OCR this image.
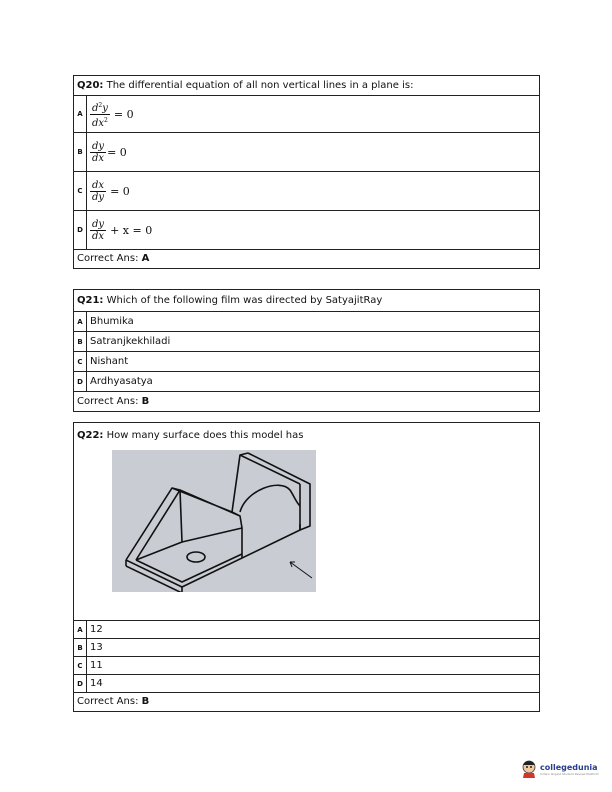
Q20: The differential equation of all non vertical lines in a plane is:
A $\frac{d^2y}{dx^2} = 0$
B $\frac{dy}{dx} = 0$
C $\frac{dx}{dy} = 0$
D $\frac{dy}{dx} + x = 0$
Correct Ans: A
Q21: Which of the following film was directed by SatyajitRay
A Bhumika
B Satranjkekhiladi
C Nishant
D Ardhyasatya
Correct Ans: B
Q22: How many surface does this model has
A 12
B 13
C 11
D 14
Correct Ans: B
collegedunia
India's largest Student Review Platform
